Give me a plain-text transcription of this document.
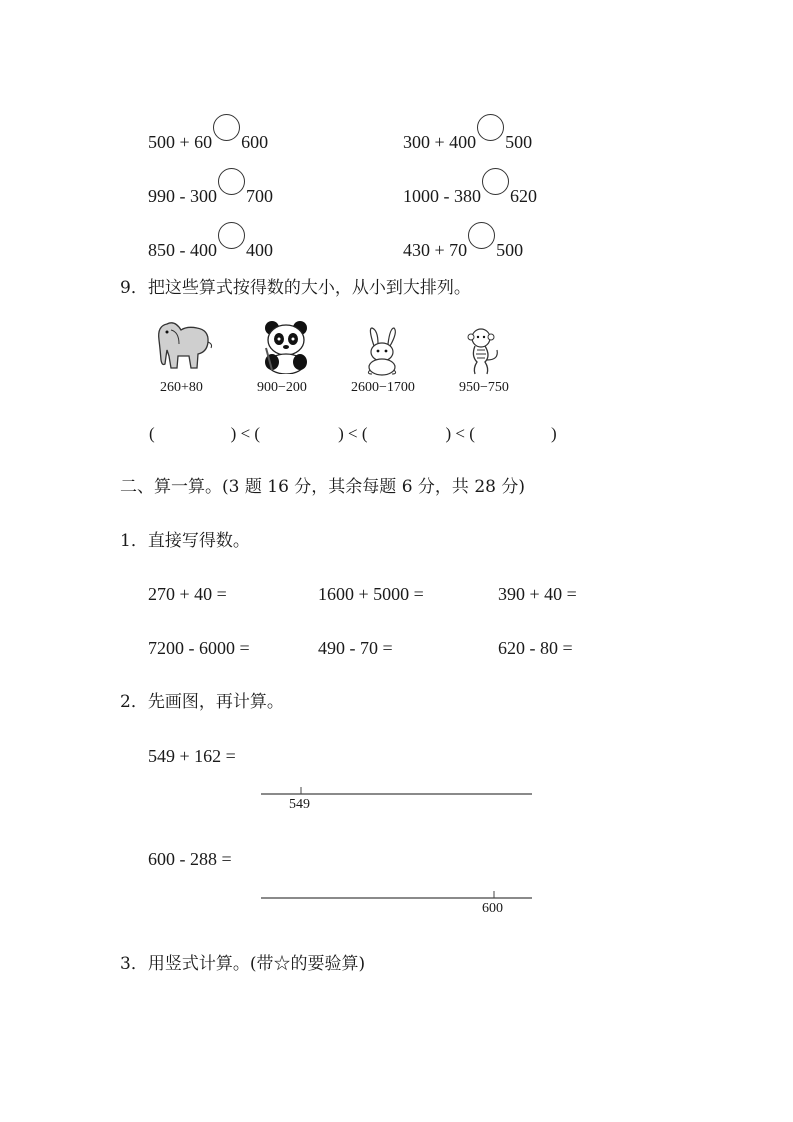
500 + 60 600	300 + 400 500
990 - 300 700	1000 - 380 620
850 - 400 400	430 + 70 500
9．把这些算式按得数的大小，从小到大排列。
260+80	900−200	2600−1700	950−750
(	) < (	) < (	) < (	)
二、算一算。(3 题 16 分，其余每题 6 分，共 28 分)
1．直接写得数。
270 + 40 =	1600 + 5000 =	390 + 40 =
7200 - 6000 =	490 - 70 =	620 - 80 =
2．先画图，再计算。
549 + 162 =
549
600 - 288 =
600
3．用竖式计算。(带☆的要验算)
